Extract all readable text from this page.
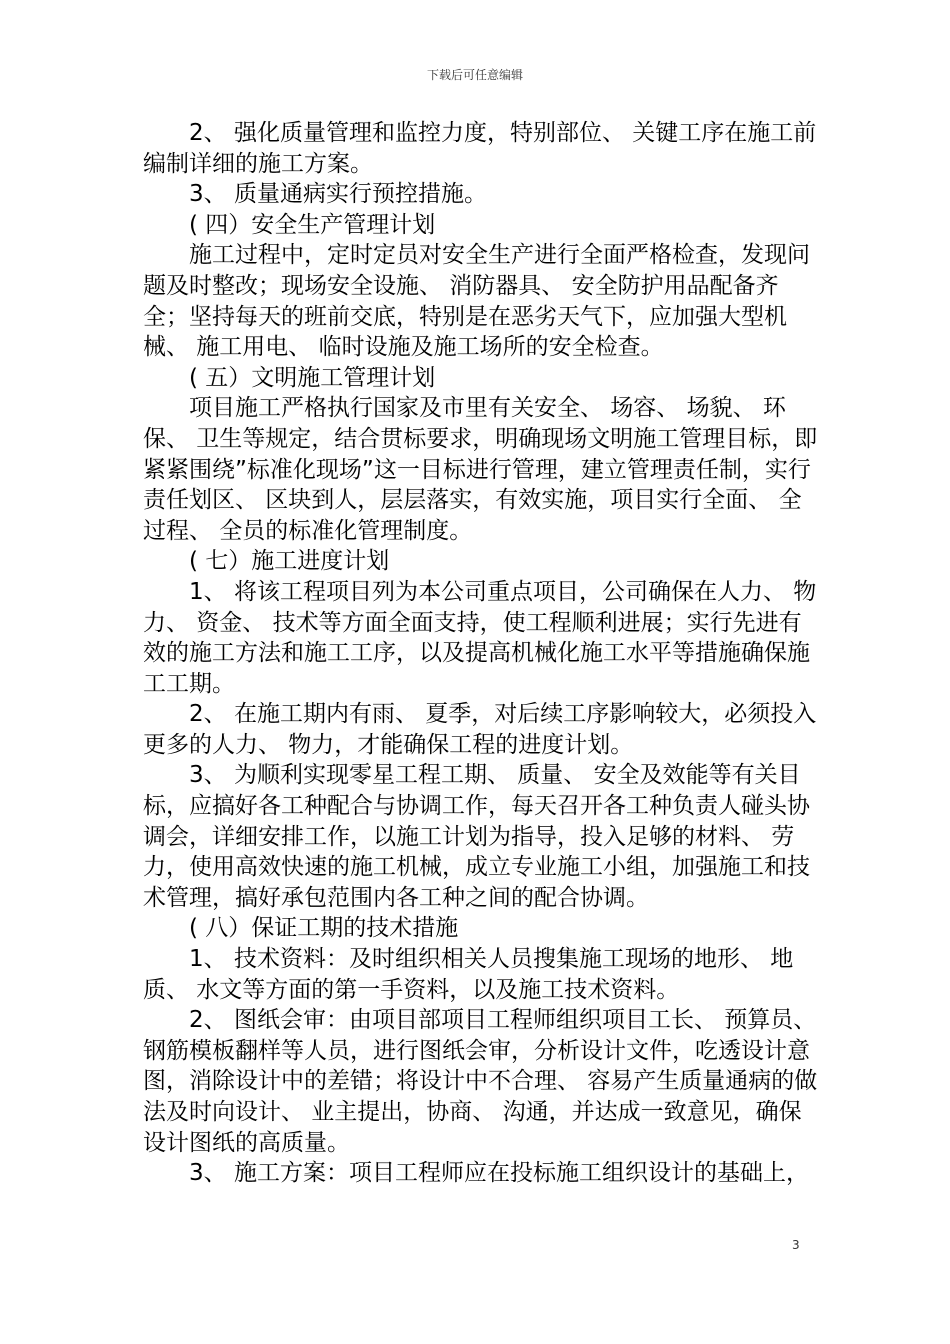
下载后可任意编辑

2、 强化质量管理和监控力度，特别部位、 关键工序在施工前编制详细的施工方案。

3、 质量通病实行预控措施。

( 四）安全生产管理计划

施工过程中，定时定员对安全生产进行全面严格检查，发现问题及时整改；现场安全设施、 消防器具、 安全防护用品配备齐全；坚持每天的班前交底，特别是在恶劣天气下，应加强大型机械、 施工用电、 临时设施及施工场所的安全检查。

( 五）文明施工管理计划

项目施工严格执行国家及市里有关安全、 场容、 场貌、 环保、 卫生等规定，结合贯标要求，明确现场文明施工管理目标，即紧紧围绕”标准化现场”这一目标进行管理，建立管理责任制，实行责任划区、 区块到人，层层落实，有效实施，项目实行全面、 全过程、 全员的标准化管理制度。

( 七）施工进度计划

1、 将该工程项目列为本公司重点项目，公司确保在人力、 物力、 资金、 技术等方面全面支持，使工程顺利进展；实行先进有效的施工方法和施工工序，以及提高机械化施工水平等措施确保施工工期。

2、 在施工期内有雨、 夏季，对后续工序影响较大，必须投入更多的人力、 物力，才能确保工程的进度计划。

3、 为顺利实现零星工程工期、 质量、 安全及效能等有关目标，应搞好各工种配合与协调工作，每天召开各工种负责人碰头协调会，详细安排工作，以施工计划为指导，投入足够的材料、 劳力，使用高效快速的施工机械，成立专业施工小组，加强施工和技术管理，搞好承包范围内各工种之间的配合协调。

( 八）保证工期的技术措施

1、 技术资料：及时组织相关人员搜集施工现场的地形、 地质、 水文等方面的第一手资料，以及施工技术资料。

2、 图纸会审：由项目部项目工程师组织项目工长、 预算员、 钢筋模板翻样等人员，进行图纸会审，分析设计文件，吃透设计意图，消除设计中的差错；将设计中不合理、 容易产生质量通病的做法及时向设计、 业主提出，协商、 沟通，并达成一致意见，确保设计图纸的高质量。

3、 施工方案：项目工程师应在投标施工组织设计的基础上，

3
